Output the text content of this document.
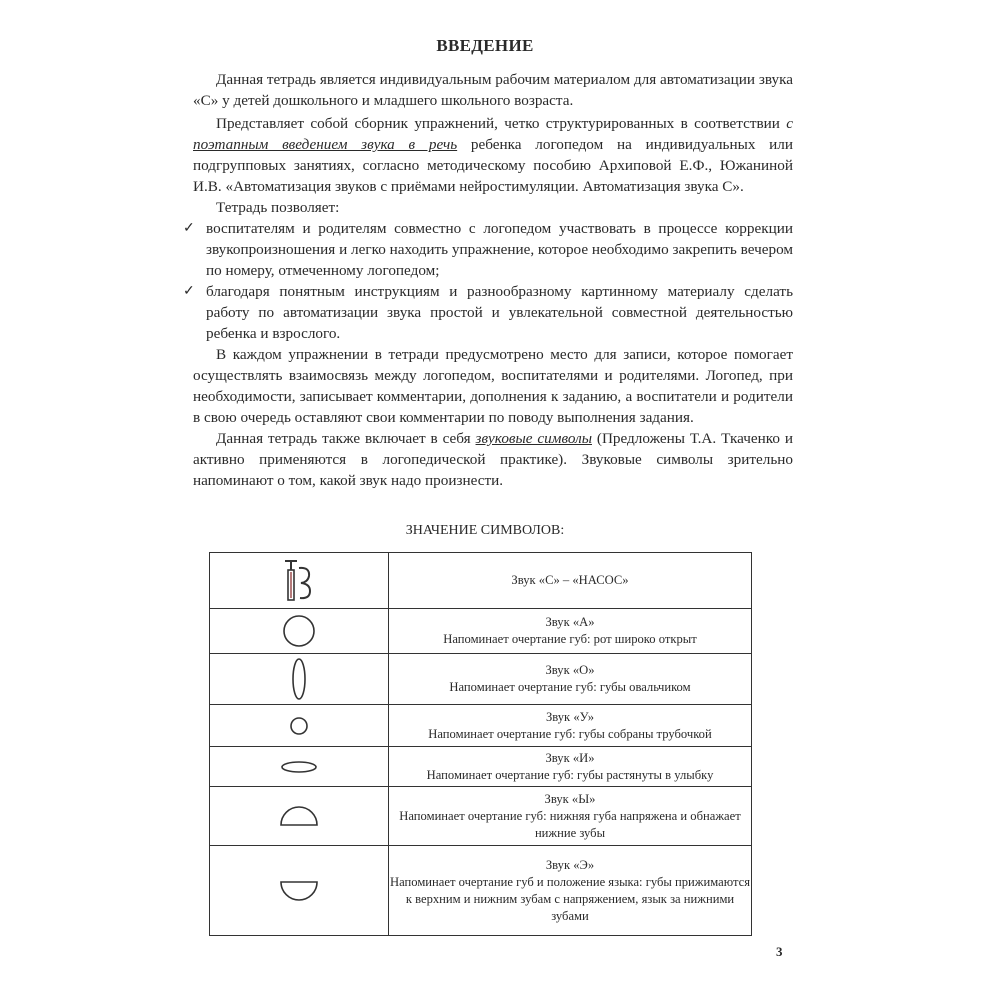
ВВЕДЕНИЕ

Данная тетрадь является индивидуальным рабочим материалом для автоматизации звука «С» у детей дошкольного и младшего школьного возраста.

Представляет собой сборник упражнений, четко структурированных в соответствии с поэтапным введением звука в речь ребенка логопедом на индивидуальных или подгрупповых занятиях, согласно методическому пособию Архиповой Е.Ф., Южаниной И.В. «Автоматизация звуков с приёмами нейростимуляции. Автоматизация звука С».

Тетрадь позволяет:

✓ воспитателям и родителям совместно с логопедом участвовать в процессе коррекции звукопроизношения и легко находить упражнение, которое необходимо закрепить вечером по номеру, отмеченному логопедом;
✓ благодаря понятным инструкциям и разнообразному картинному материалу сделать работу по автоматизации звука простой и увлекательной совместной деятельностью ребенка и взрослого.

В каждом упражнении в тетради предусмотрено место для записи, которое помогает осуществлять взаимосвязь между логопедом, воспитателями и родителями. Логопед, при необходимости, записывает комментарии, дополнения к заданию, а воспитатели и родители в свою очередь оставляют свои комментарии по поводу выполнения задания.

Данная тетрадь также включает в себя звуковые символы (Предложены Т.А. Ткаченко и активно применяются в логопедической практике). Звуковые символы зрительно напоминают о том, какой звук надо произнести.

ЗНАЧЕНИЕ СИМВОЛОВ:

Звук «С» – «НАСОС»

Звук «А»
Напоминает очертание губ: рот широко открыт

Звук «О»
Напоминает очертание губ: губы овальчиком

Звук «У»
Напоминает очертание губ: губы собраны трубочкой

Звук «И»
Напоминает очертание губ: губы растянуты в улыбку

Звук «Ы»
Напоминает очертание губ: нижняя губа напряжена и обнажает нижние зубы

Звук «Э»
Напоминает очертание губ и положение языка: губы прижимаются к верхним и нижним зубам с напряжением, язык за нижними зубами
3
